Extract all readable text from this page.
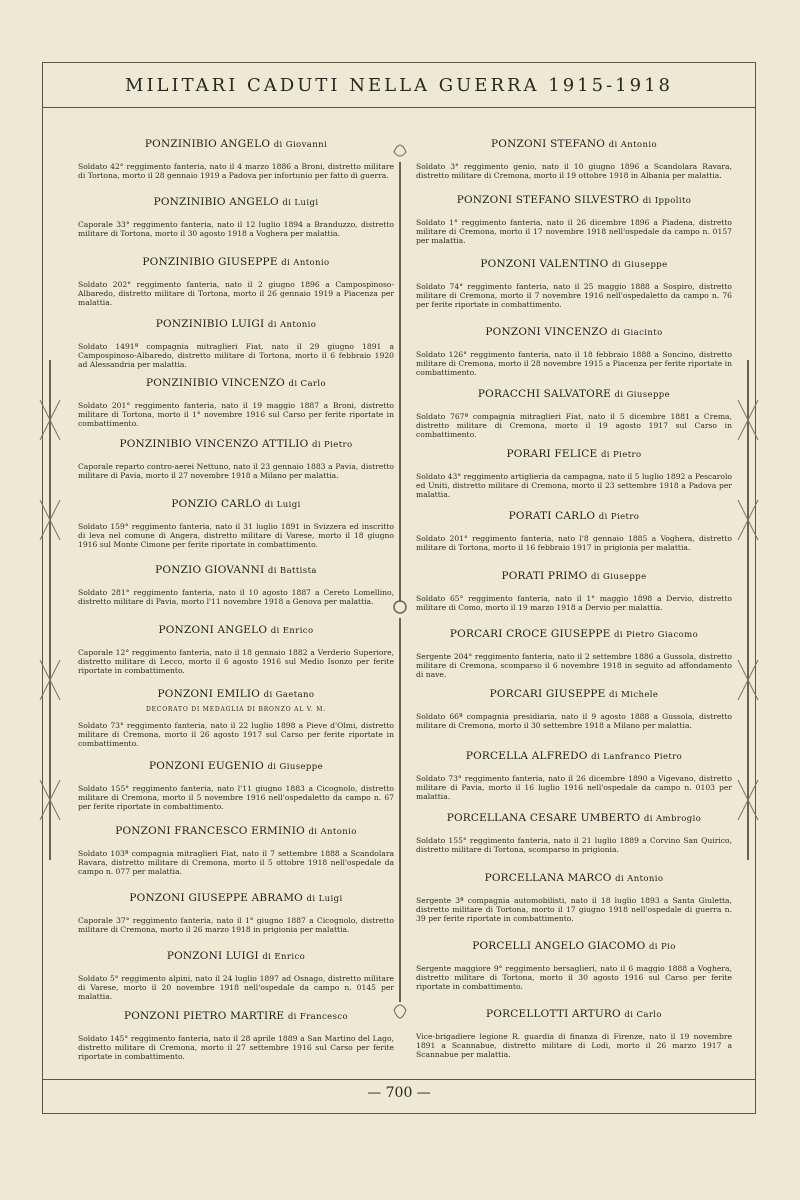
MILITARI CADUTI NELLA GUERRA 1915-1918
— 700 —
PONZINIBIO ANGELO di Giovanni

Soldato 42° reggimento fanteria, nato il 4 marzo 1886 a Broni, distretto militare di Tortona, morto il 28 gennaio 1919 a Padova per infortunio per fatto di guerra.

PONZINIBIO ANGELO di Luigi

Caporale 33° reggimento fanteria, nato il 12 luglio 1894 a Branduzzo, distretto militare di Tortona, morto il 30 agosto 1918 a Voghera per malattia.

PONZINIBIO GIUSEPPE di Antonio

Soldato 202° reggimento fanteria, nato il 2 giugno 1896 a Campospinoso-Albaredo, distretto militare di Tortona, morto il 26 gennaio 1919 a Piacenza per malattia.

PONZINIBIO LUIGI di Antonio

Soldato 1491ª compagnia mitraglieri Fiat, nato il 29 giugno 1891 a Campospinoso-Albaredo, distretto militare di Tortona, morto il 6 febbraio 1920 ad Alessandria per malattia.

PONZINIBIO VINCENZO di Carlo

Soldato 201° reggimento fanteria, nato il 19 maggio 1887 a Broni, distretto militare di Tortona, morto il 1° novembre 1916 sul Carso per ferite riportate in combattimento.

PONZINIBIO VINCENZO ATTILIO di Pietro

Caporale reparto contro-aerei Nettuno, nato il 23 gennaio 1883 a Pavia, distretto militare di Pavia, morto il 27 novembre 1918 a Milano per malattia.

PONZIO CARLO di Luigi

Soldato 159° reggimento fanteria, nato il 31 luglio 1891 in Svizzera ed inscritto di leva nel comune di Angera, distretto militare di Varese, morto il 18 giugno 1916 sul Monte Cimone per ferite riportate in combattimento.

PONZIO GIOVANNI di Battista

Soldato 281° reggimento fanteria, nato il 10 agosto 1887 a Cereto Lomellino, distretto militare di Pavia, morto l'11 novembre 1918 a Genova per malattia.

PONZONI ANGELO di Enrico

Caporale 12° reggimento fanteria, nato il 18 gennaio 1882 a Verderio Superiore, distretto militare di Lecco, morto il 6 agosto 1916 sul Medio Isonzo per ferite riportate in combattimento.

PONZONI EMILIO di Gaetano
DECORATO DI MEDAGLIA DI BRONZO AL V. M.

Soldato 73° reggimento fanteria, nato il 22 luglio 1898 a Pieve d'Olmi, distretto militare di Cremona, morto il 26 agosto 1917 sul Carso per ferite riportate in combattimento.

PONZONI EUGENIO di Giuseppe

Soldato 155° reggimento fanteria, nato l'11 giugno 1883 a Cicognolo, distretto militare di Cremona, morto il 5 novembre 1916 nell'ospedaletto da campo n. 67 per ferite riportate in combattimento.

PONZONI FRANCESCO ERMINIO di Antonio

Soldato 103ª compagnia mitraglieri Fiat, nato il 7 settembre 1888 a Scandolara Ravara, distretto militare di Cremona, morto il 5 ottobre 1918 nell'ospedale da campo n. 077 per malattia.

PONZONI GIUSEPPE ABRAMO di Luigi

Caporale 37° reggimento fanteria, nato il 1° giugno 1887 a Cicognolo, distretto militare di Cremona, morto il 26 marzo 1918 in prigionia per malattia.

PONZONI LUIGI di Enrico

Soldato 5° reggimento alpini, nato il 24 luglio 1897 ad Osnago, distretto militare di Varese, morto il 20 novembre 1918 nell'ospedale da campo n. 0145 per malattia.

PONZONI PIETRO MARTIRE di Francesco

Soldato 145° reggimento fanteria, nato il 28 aprile 1889 a San Martino del Lago, distretto militare di Cremona, morto il 27 settembre 1916 sul Carso per ferite riportate in combattimento.

PONZONI STEFANO di Antonio

Soldato 3° reggimento genio, nato il 10 giugno 1896 a Scandolara Ravara, distretto militare di Cremona, morto il 19 ottobre 1918 in Albania per malattia.

PONZONI STEFANO SILVESTRO di Ippolito

Soldato 1° reggimento fanteria, nato il 26 dicembre 1896 a Piadena, distretto militare di Cremona, morto il 17 novembre 1918 nell'ospedale da campo n. 0157 per malattia.

PONZONI VALENTINO di Giuseppe

Soldato 74° reggimento fanteria, nato il 25 maggio 1888 a Sospiro, distretto militare di Cremona, morto il 7 novembre 1916 nell'ospedaletto da campo n. 76 per ferite riportate in combattimento.

PONZONI VINCENZO di Giacinto

Soldato 126° reggimento fanteria, nato il 18 febbraio 1888 a Soncino, distretto militare di Cremona, morto il 28 novembre 1915 a Piacenza per ferite riportate in combattimento.

PORACCHI SALVATORE di Giuseppe

Soldato 767ª compagnia mitraglieri Fiat, nato il 5 dicembre 1881 a Crema, distretto militare di Cremona, morto il 19 agosto 1917 sul Carso in combattimento.

PORARI FELICE di Pietro

Soldato 43° reggimento artiglieria da campagna, nato il 5 luglio 1892 a Pescarolo ed Uniti, distretto militare di Cremona, morto il 23 settembre 1918 a Padova per malattia.

PORATI CARLO di Pietro

Soldato 201° reggimento fanteria, nato l'8 gennaio 1885 a Voghera, distretto militare di Tortona, morto il 16 febbraio 1917 in prigionia per malattia.

PORATI PRIMO di Giuseppe

Soldato 65° reggimento fanteria, nato il 1° maggio 1898 a Dervio, distretto militare di Como, morto il 19 marzo 1918 a Dervio per malattia.

PORCARI CROCE GIUSEPPE di Pietro Giacomo

Sergente 204° reggimento fanteria, nato il 2 settembre 1886 a Gussola, distretto militare di Cremona, scomparso il 6 novembre 1918 in seguito ad affondamento di nave.

PORCARI GIUSEPPE di Michele

Soldato 66ª compagnia presidiaria, nato il 9 agosto 1888 a Gussola, distretto militare di Cremona, morto il 30 settembre 1918 a Milano per malattia.

PORCELLA ALFREDO di Lanfranco Pietro

Soldato 73° reggimento fanteria, nato il 26 dicembre 1890 a Vigevano, distretto militare di Pavia, morto il 16 luglio 1916 nell'ospedale da campo n. 0103 per malattia.

PORCELLANA CESARE UMBERTO di Ambrogio

Soldato 155° reggimento fanteria, nato il 21 luglio 1889 a Corvino San Quirico, distretto militare di Tortona, scomparso in prigionia.

PORCELLANA MARCO di Antonio

Sergente 3ª compagnia automobilisti, nato il 18 luglio 1893 a Santa Giuletta, distretto militare di Tortona, morto il 17 giugno 1918 nell'ospedale di guerra n. 39 per ferite riportate in combattimento.

PORCELLI ANGELO GIACOMO di Pio

Sergente maggiore 9° reggimento bersaglieri, nato il 6 maggio 1888 a Voghera, distretto militare di Tortona, morto il 30 agosto 1916 sul Carso per ferite riportate in combattimento.

PORCELLOTTI ARTURO di Carlo

Vice-brigadiere legione R. guardia di finanza di Firenze, nato il 19 novembre 1891 a Scannabue, distretto militare di Lodi, morto il 26 marzo 1917 a Scannabue per malattia.
